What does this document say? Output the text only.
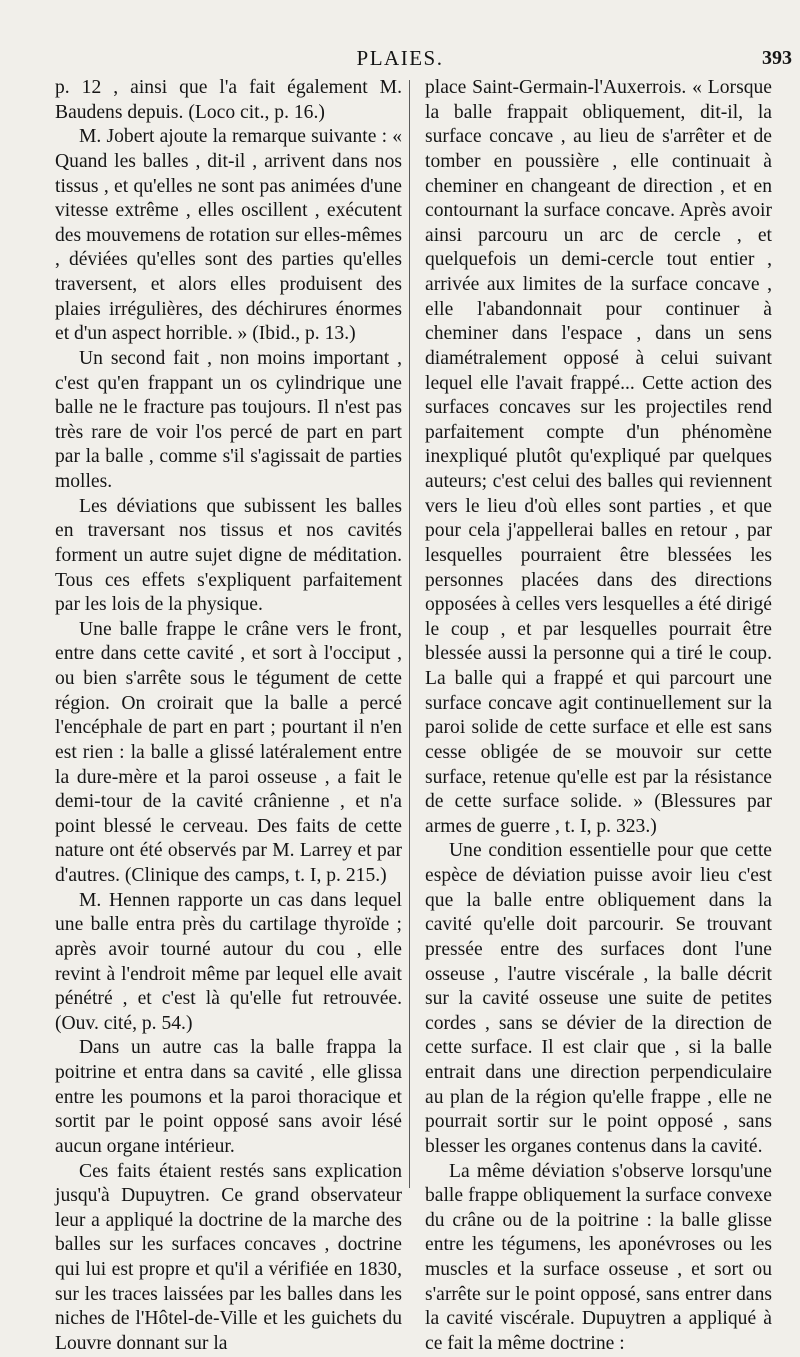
PLAIES.	393

p. 12 , ainsi que l'a fait également M. Baudens depuis. (Loco cit., p. 16.)

M. Jobert ajoute la remarque suivante : « Quand les balles , dit-il , arrivent dans nos tissus , et qu'elles ne sont pas animées d'une vitesse extrême , elles oscillent , exécutent des mouvemens de rotation sur elles-mêmes , déviées qu'elles sont des parties qu'elles traversent, et alors elles produisent des plaies irrégulières, des déchirures énormes et d'un aspect horrible. » (Ibid., p. 13.)

Un second fait , non moins important , c'est qu'en frappant un os cylindrique une balle ne le fracture pas toujours. Il n'est pas très rare de voir l'os percé de part en part par la balle , comme s'il s'agissait de parties molles.

Les déviations que subissent les balles en traversant nos tissus et nos cavités forment un autre sujet digne de méditation. Tous ces effets s'expliquent parfaitement par les lois de la physique.

Une balle frappe le crâne vers le front, entre dans cette cavité , et sort à l'occiput , ou bien s'arrête sous le tégument de cette région. On croirait que la balle a percé l'encéphale de part en part ; pourtant il n'en est rien : la balle a glissé latéralement entre la dure-mère et la paroi osseuse , a fait le demi-tour de la cavité crânienne , et n'a point blessé le cerveau. Des faits de cette nature ont été observés par M. Larrey et par d'autres. (Clinique des camps, t. I, p. 215.)

M. Hennen rapporte un cas dans lequel une balle entra près du cartilage thyroïde ; après avoir tourné autour du cou , elle revint à l'endroit même par lequel elle avait pénétré , et c'est là qu'elle fut retrouvée. (Ouv. cité, p. 54.)

Dans un autre cas la balle frappa la poitrine et entra dans sa cavité , elle glissa entre les poumons et la paroi thoracique et sortit par le point opposé sans avoir lésé aucun organe intérieur.

Ces faits étaient restés sans explication jusqu'à Dupuytren. Ce grand observateur leur a appliqué la doctrine de la marche des balles sur les surfaces concaves , doctrine qui lui est propre et qu'il a vérifiée en 1830, sur les traces laissées par les balles dans les niches de l'Hôtel-de-Ville et les guichets du Louvre donnant sur la

place Saint-Germain-l'Auxerrois. « Lorsque la balle frappait obliquement, dit-il, la surface concave , au lieu de s'arrêter et de tomber en poussière , elle continuait à cheminer en changeant de direction , et en contournant la surface concave. Après avoir ainsi parcouru un arc de cercle , et quelquefois un demi-cercle tout entier , arrivée aux limites de la surface concave , elle l'abandonnait pour continuer à cheminer dans l'espace , dans un sens diamétralement opposé à celui suivant lequel elle l'avait frappé... Cette action des surfaces concaves sur les projectiles rend parfaitement compte d'un phénomène inexpliqué plutôt qu'expliqué par quelques auteurs; c'est celui des balles qui reviennent vers le lieu d'où elles sont parties , et que pour cela j'appellerai balles en retour , par lesquelles pourraient être blessées les personnes placées dans des directions opposées à celles vers lesquelles a été dirigé le coup , et par lesquelles pourrait être blessée aussi la personne qui a tiré le coup. La balle qui a frappé et qui parcourt une surface concave agit continuellement sur la paroi solide de cette surface et elle est sans cesse obligée de se mouvoir sur cette surface, retenue qu'elle est par la résistance de cette surface solide. » (Blessures par armes de guerre , t. I, p. 323.)

Une condition essentielle pour que cette espèce de déviation puisse avoir lieu c'est que la balle entre obliquement dans la cavité qu'elle doit parcourir. Se trouvant pressée entre des surfaces dont l'une osseuse , l'autre viscérale , la balle décrit sur la cavité osseuse une suite de petites cordes , sans se dévier de la direction de cette surface. Il est clair que , si la balle entrait dans une direction perpendiculaire au plan de la région qu'elle frappe , elle ne pourrait sortir sur le point opposé , sans blesser les organes contenus dans la cavité.

La même déviation s'observe lorsqu'une balle frappe obliquement la surface convexe du crâne ou de la poitrine : la balle glisse entre les tégumens, les aponévroses ou les muscles et la surface osseuse , et sort ou s'arrête sur le point opposé, sans entrer dans la cavité viscérale. Dupuytren a appliqué à ce fait la même doctrine :
